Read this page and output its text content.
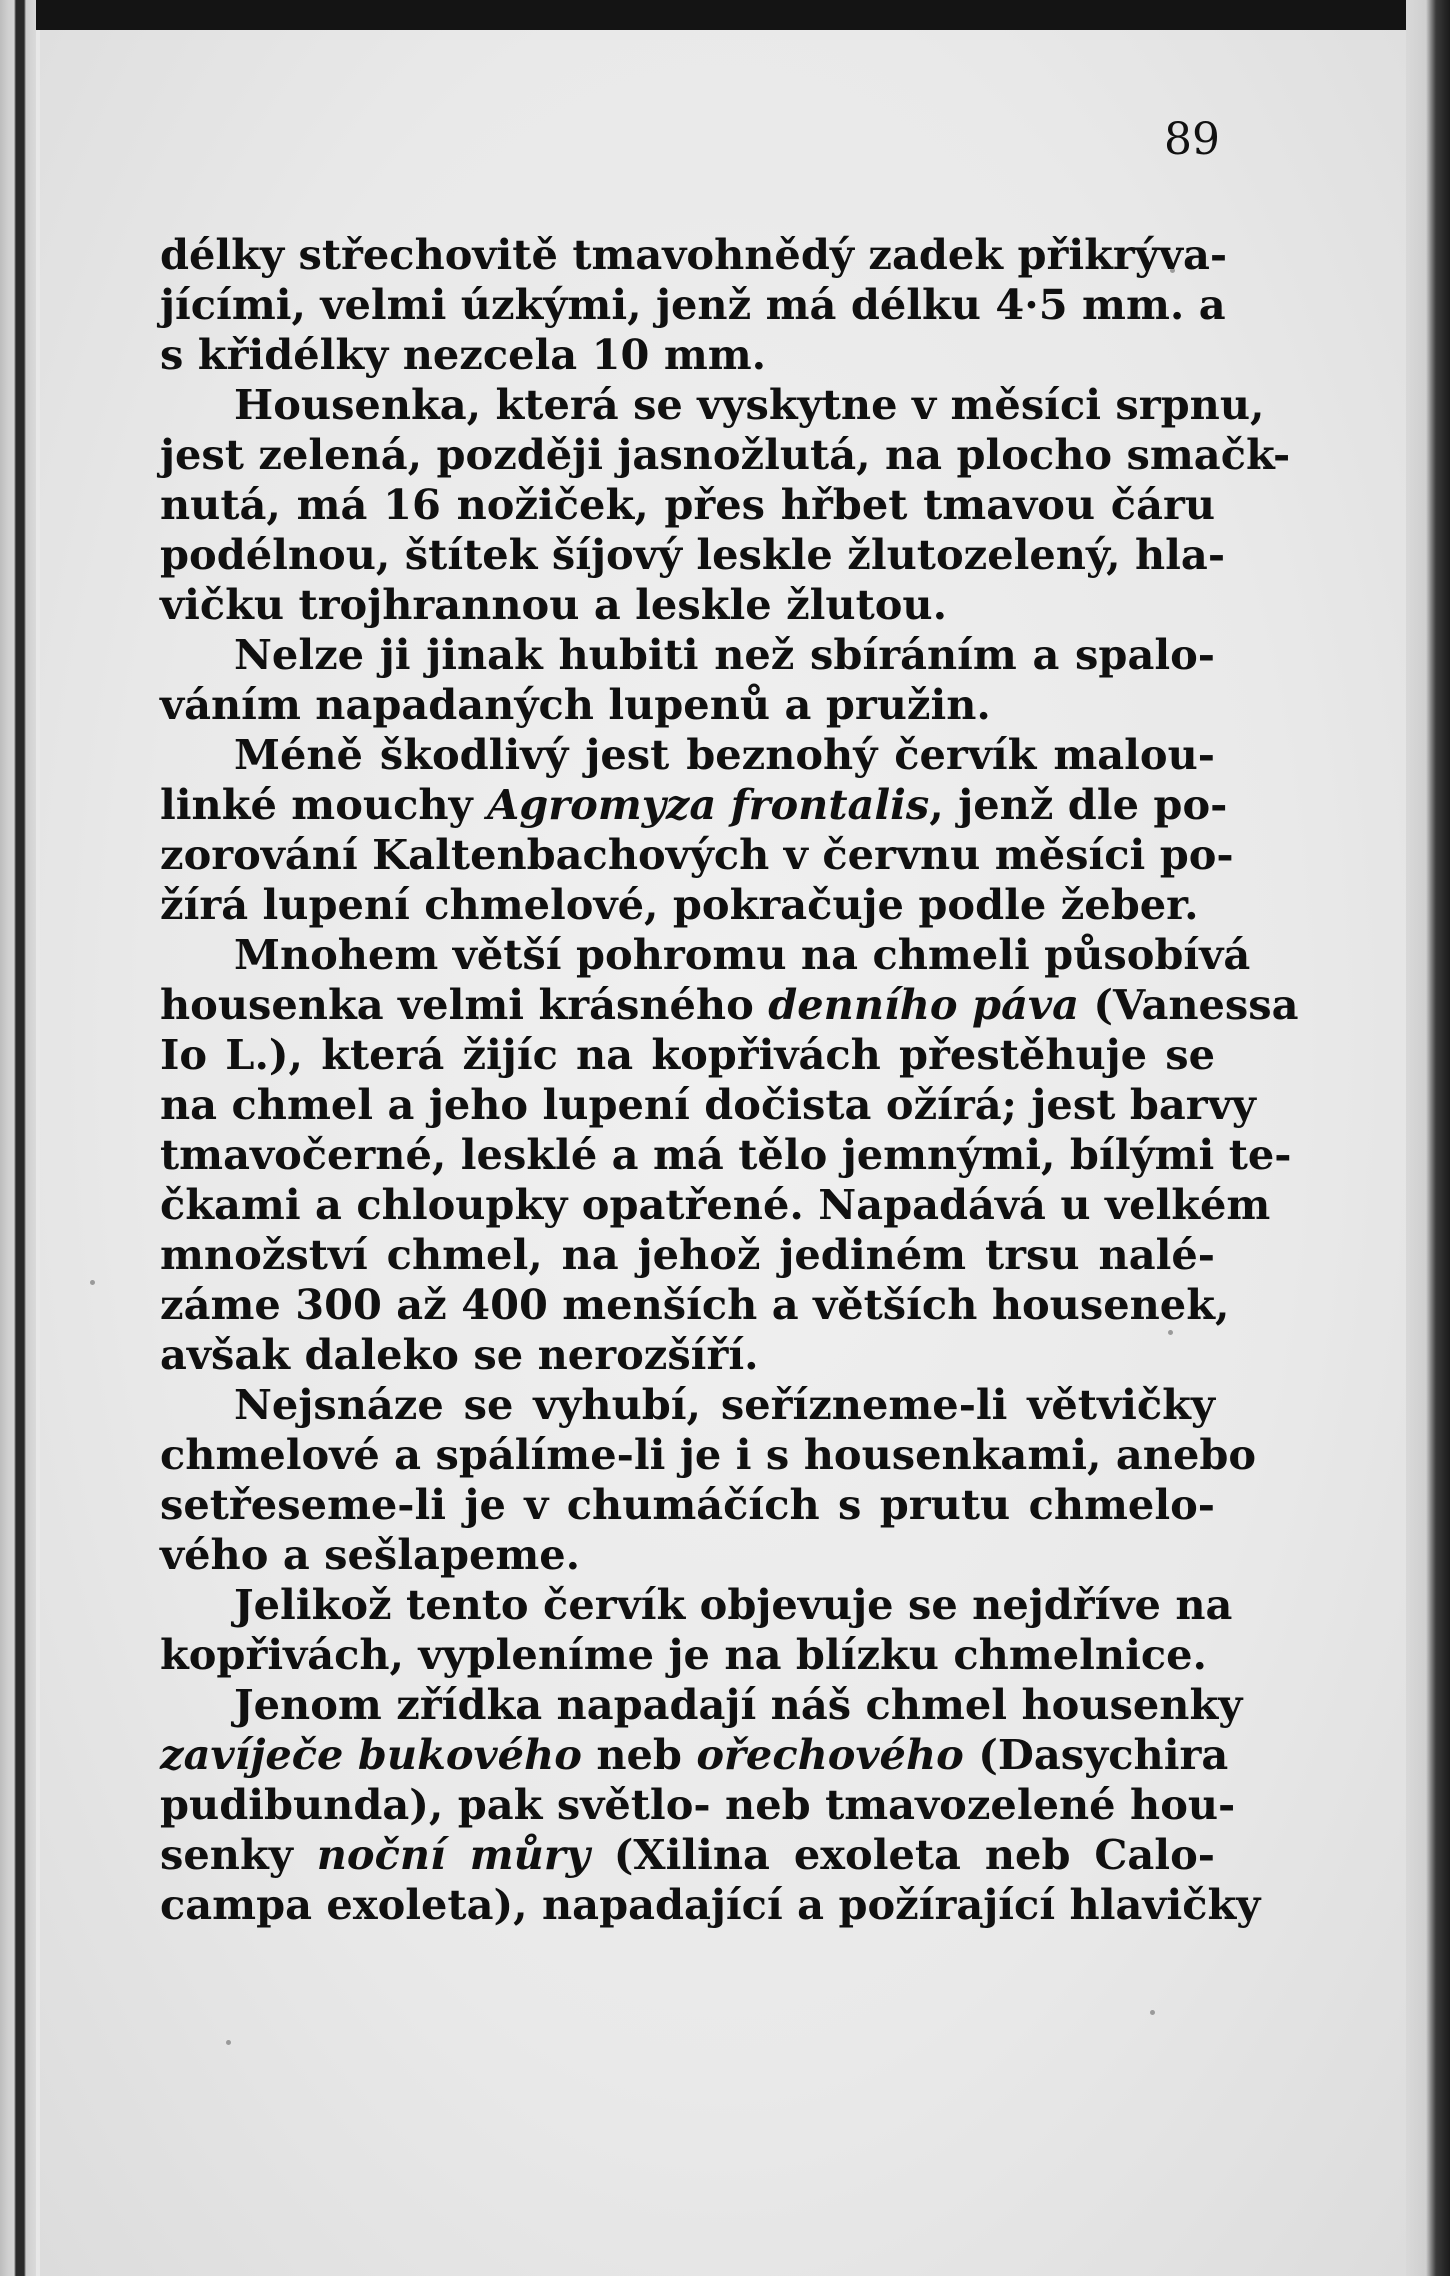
89
délky střechovitě tmavohnědý zadek přikrýva-
jícími, velmi úzkými, jenž má délku 4·5 mm. a
s křidélky nezcela 10 mm.
Housenka, která se vyskytne v měsíci srpnu,
jest zelená, později jasnožlutá, na plocho smačk-
nutá, má 16 nožiček, přes hřbet tmavou čáru
podélnou, štítek šíjový leskle žlutozelený, hla-
vičku trojhrannou a leskle žlutou.
Nelze ji jinak hubiti než sbíráním a spalo-
váním napadaných lupenů a pružin.
Méně škodlivý jest beznohý červík malou-
linké mouchy Agromyza frontalis, jenž dle po-
zorování Kaltenbachových v červnu měsíci po-
žírá lupení chmelové, pokračuje podle žeber.
Mnohem větší pohromu na chmeli působívá
housenka velmi krásného denního páva (Vanessa
Io L.), která žijíc na kopřivách přestěhuje se
na chmel a jeho lupení dočista ožírá; jest barvy
tmavočerné, lesklé a má tělo jemnými, bílými te-
čkami a chloupky opatřené. Napadává u velkém
množství chmel, na jehož jediném trsu nalé-
záme 300 až 400 menších a větších housenek,
avšak daleko se nerozšíří.
Nejsnáze se vyhubí, seřízneme-li větvičky
chmelové a spálíme-li je i s housenkami, anebo
setřeseme-li je v chumáčích s prutu chmelo-
vého a sešlapeme.
Jelikož tento červík objevuje se nejdříve na
kopřivách, vypleníme je na blízku chmelnice.
Jenom zřídka napadají náš chmel housenky
zavíječe bukového neb ořechového (Dasychira
pudibunda), pak světlo- neb tmavozelené hou-
senky noční můry (Xilina exoleta neb Calo-
campa exoleta), napadající a požírající hlavičky
